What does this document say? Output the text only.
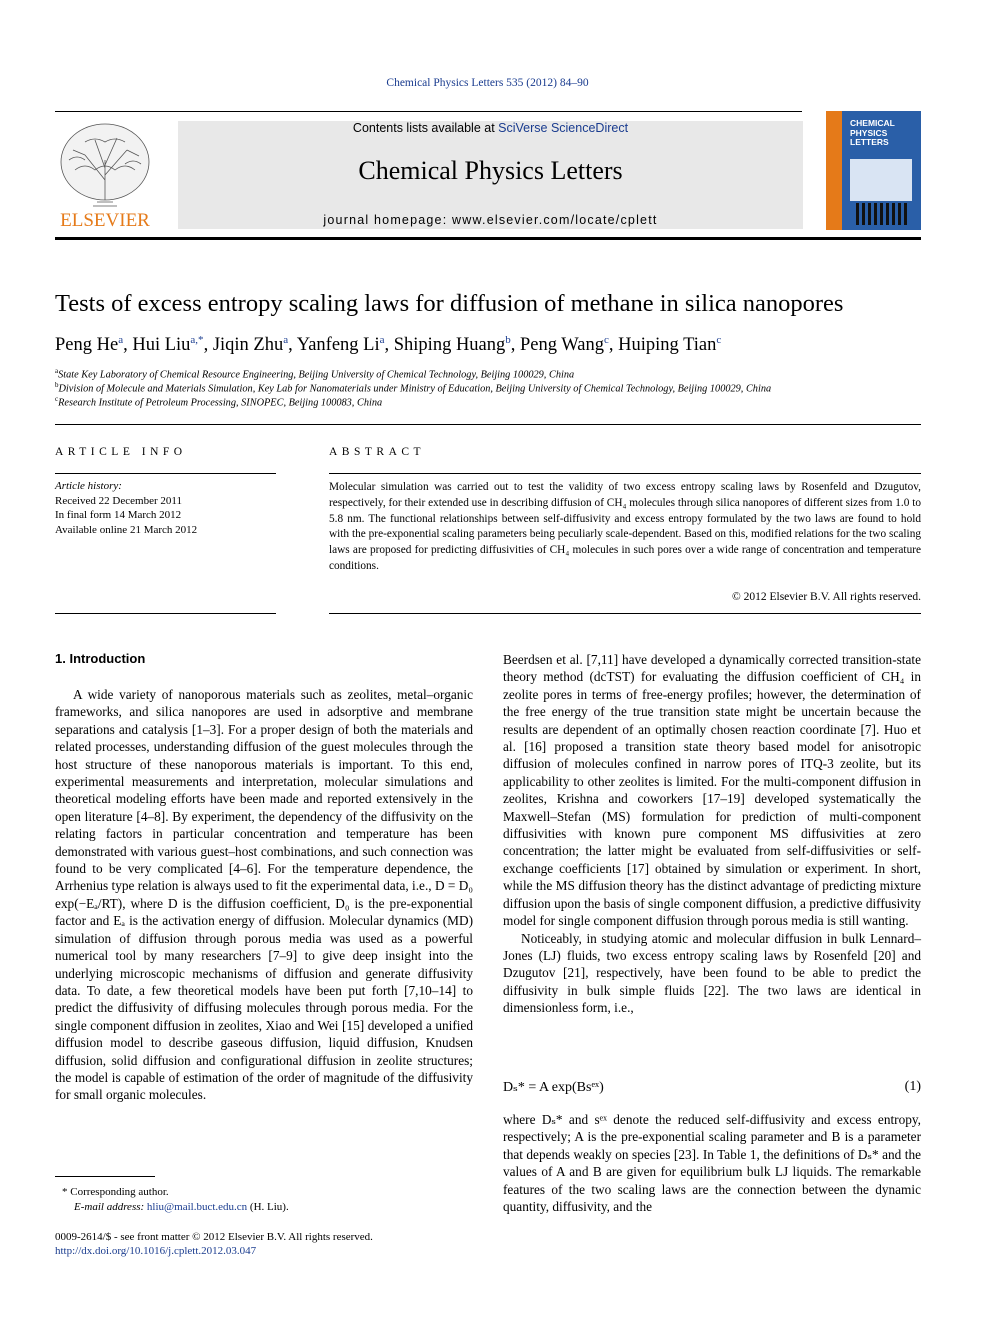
Chemical Physics Letters 535 (2012) 84–90
ELSEVIER
Contents lists available at SciVerse ScienceDirect
Chemical Physics Letters
journal homepage: www.elsevier.com/locate/cplett
CHEMICAL
PHYSICS
LETTERS
Tests of excess entropy scaling laws for diffusion of methane in silica nanopores
Peng He$^a$, Hui Liu$^{a,*}$, Jiqin Zhu$^a$, Yanfeng Li$^a$, Shiping Huang$^b$, Peng Wang$^c$, Huiping Tian$^c$
$^a$State Key Laboratory of Chemical Resource Engineering, Beijing University of Chemical Technology, Beijing 100029, China
$^b$Division of Molecule and Materials Simulation, Key Lab for Nanomaterials under Ministry of Education, Beijing University of Chemical Technology, Beijing 100029, China
$^c$Research Institute of Petroleum Processing, SINOPEC, Beijing 100083, China
ARTICLE INFO
Article history:
Received 22 December 2011
In final form 14 March 2012
Available online 21 March 2012
ABSTRACT
Molecular simulation was carried out to test the validity of two excess entropy scaling laws by Rosenfeld and Dzugutov, respectively, for their extended use in describing diffusion of CH₄ molecules through silica nanopores of different sizes from 1.0 to 5.8 nm. The functional relationships between self-diffusivity and excess entropy formulated by the two laws are found to hold with the pre-exponential scaling parameters being peculiarly scale-dependent. Based on this, modified relations for the two scaling laws are proposed for predicting diffusivities of CH₄ molecules in such pores over a wide range of concentration and temperature conditions.
© 2012 Elsevier B.V. All rights reserved.
1. Introduction

A wide variety of nanoporous materials such as zeolites, metal–organic frameworks, and silica nanopores are used in adsorptive and membrane separations and catalysis [1–3]. For a proper design of both the materials and related processes, understanding diffusion of the guest molecules through the host structure of these nanoporous materials is important. To this end, experimental measurements and interpretation, molecular simulations and theoretical modeling efforts have been made and reported extensively in the open literature [4–8]. By experiment, the dependency of the diffusivity on the relating factors in particular concentration and temperature has been demonstrated with various guest–host combinations, and such connection was found to be very complicated [4–6]. For the temperature dependence, the Arrhenius type relation is always used to fit the experimental data, i.e., D = D₀ exp(−Eₐ/RT), where D is the diffusion coefficient, D₀ is the pre-exponential factor and Eₐ is the activation energy of diffusion. Molecular dynamics (MD) simulation of diffusion through porous media was used as a powerful numerical tool by many researchers [7–9] to give deep insight into the underlying microscopic mechanisms of diffusion and generate diffusivity data. To date, a few theoretical models have been put forth [7,10–14] to predict the diffusivity of diffusing molecules through porous media. For the single component diffusion in zeolites, Xiao and Wei [15] developed a unified diffusion model to describe gaseous diffusion, liquid diffusion, Knudsen diffusion, solid diffusion and configurational diffusion in zeolite structures; the model is capable of estimation of the order of magnitude of the diffusivity for small organic molecules.

Beerdsen et al. [7,11] have developed a dynamically corrected transition-state theory method (dcTST) for evaluating the diffusion coefficient of CH₄ in zeolite pores in terms of free-energy profiles; however, the determination of the free energy of the true transition state might be uncertain because the results are dependent of an optimally chosen reaction coordinate [7]. Huo et al. [16] proposed a transition state theory based model for anisotropic diffusion of molecules confined in narrow pores of ITQ-3 zeolite, but its applicability to other zeolites is limited. For the multi-component diffusion in zeolites, Krishna and coworkers [17–19] developed systematically the Maxwell–Stefan (MS) formulation for prediction of multi-component diffusivities with known pure component MS diffusivities at zero concentration; the latter might be evaluated from self-diffusivities or self-exchange coefficients [17] obtained by simulation or experiment. In short, while the MS diffusion theory has the distinct advantage of predicting mixture diffusion upon the basis of single component diffusion, a predictive diffusivity model for single component diffusion through porous media is still wanting.

Noticeably, in studying atomic and molecular diffusion in bulk Lennard–Jones (LJ) fluids, two excess entropy scaling laws by Rosenfeld [20] and Dzugutov [21], respectively, have been found to be able to predict the diffusivity in bulk simple fluids [22]. The two laws are identical in dimensionless form, i.e.,

Dₛ* = A exp(Bsᵉˣ)	(1)

where Dₛ* and sᵉˣ denote the reduced self-diffusivity and excess entropy, respectively; A is the pre-exponential scaling parameter and B is a parameter that depends weakly on species [23]. In Table 1, the definitions of Dₛ* and the values of A and B are given for equilibrium bulk LJ liquids. The remarkable features of the two scaling laws are the connection between the dynamic quantity, diffusivity, and the

* Corresponding author.
E-mail address: hliu@mail.buct.edu.cn (H. Liu).
0009-2614/$ - see front matter © 2012 Elsevier B.V. All rights reserved.
http://dx.doi.org/10.1016/j.cplett.2012.03.047
